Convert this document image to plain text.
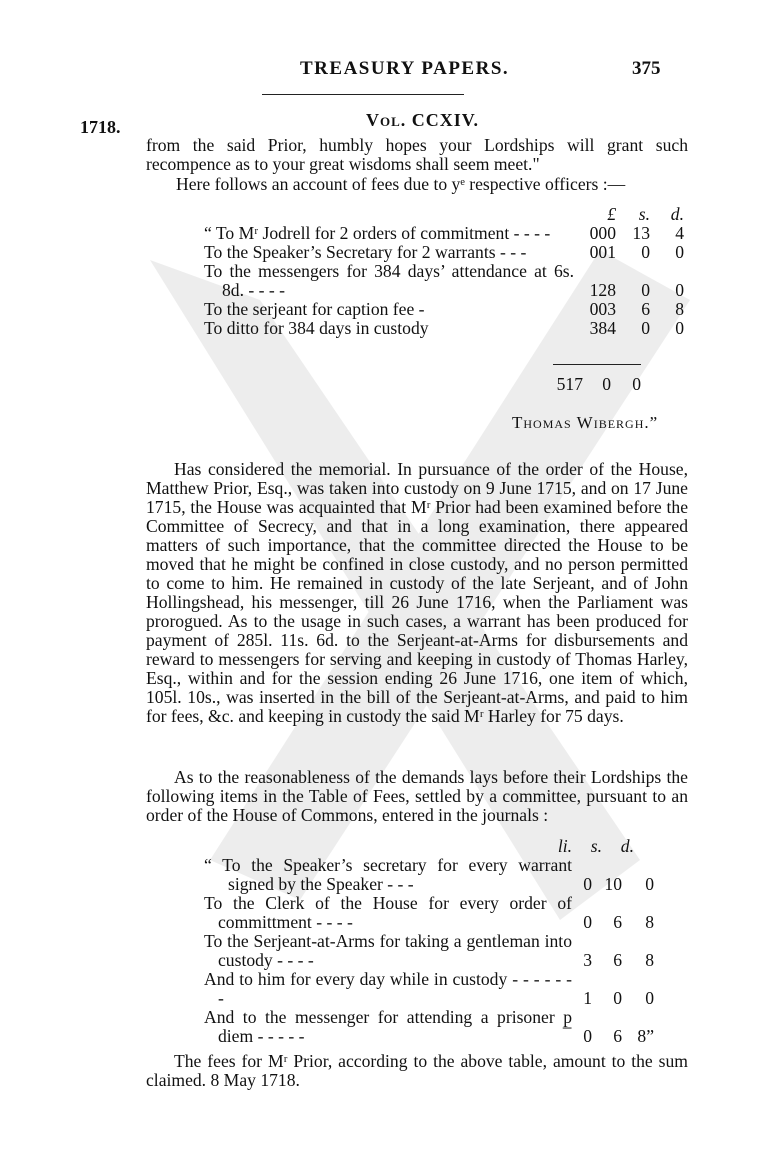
TREASURY PAPERS.	375
1718.	Vol. CCXIV.
from the said Prior, humbly hopes your Lordships will grant such recompence as to your great wisdoms shall seem meet."
Here follows an account of fees due to yᵉ respective officers :—
	£	s.	d.
“ To Mʳ Jodrell for 2 orders of commitment - - - -	000	13	4
To the Speaker’s Secretary for 2 warrants - - -	001	0	0
To the messengers for 384 days’ attendance at 6s. 8d. - - - -	128	0	0
To the serjeant for caption fee -	003	6	8
To ditto for 384 days in custody	384	0	0
517 0 0
Thomas Wibergh.”
Has considered the memorial. In pursuance of the order of the House, Matthew Prior, Esq., was taken into custody on 9 June 1715, and on 17 June 1715, the House was acquainted that Mʳ Prior had been examined before the Committee of Secrecy, and that in a long examination, there appeared matters of such importance, that the committee directed the House to be moved that he might be confined in close custody, and no person permitted to come to him. He remained in custody of the late Serjeant, and of John Hollingshead, his messenger, till 26 June 1716, when the Parliament was prorogued. As to the usage in such cases, a warrant has been produced for payment of 285l. 11s. 6d. to the Serjeant-at-Arms for disbursements and reward to messengers for serving and keeping in custody of Thomas Harley, Esq., within and for the session ending 26 June 1716, one item of which, 105l. 10s., was inserted in the bill of the Serjeant-at-Arms, and paid to him for fees, &c. and keeping in custody the said Mʳ Harley for 75 days.
As to the reasonableness of the demands lays before their Lordships the following items in the Table of Fees, settled by a committee, pursuant to an order of the House of Commons, entered in the journals :
li. s. d.
“ To the Speaker’s secretary for every warrant signed by the Speaker - - -	0	10	0
To the Clerk of the House for every order of committment - - - -	0	6	8
To the Serjeant-at-Arms for taking a gentleman into custody - - - -	3	6	8
And to him for every day while in custody - - - - - - -	1	0	0
And to the messenger for attending a prisoner p̲ diem - - - - -	0	6	8”
The fees for Mʳ Prior, according to the above table, amount to the sum claimed. 8 May 1718.
